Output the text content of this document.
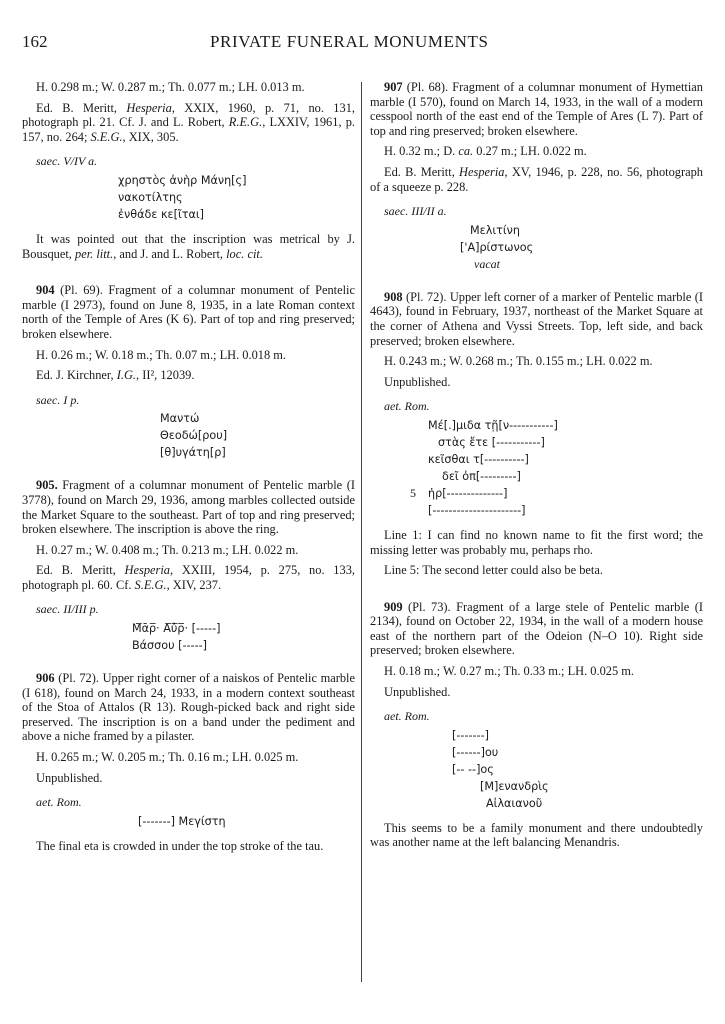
162	PRIVATE FUNERAL MONUMENTS

H. 0.298 m.; W. 0.287 m.; Th. 0.077 m.; LH. 0.013 m.

Ed. B. Meritt, Hesperia, XXIX, 1960, p. 71, no. 131, photograph pl. 21. Cf. J. and L. Robert, R.E.G., LXXIV, 1961, p. 157, no. 264; S.E.G., XIX, 305.

saec. V/IV a.
χρηστὸς ἀνὴρ Μάνη[ς]
νακοτίλτης
ἐνθάδε κε[ῖται]

It was pointed out that the inscription was metrical by J. Bousquet, per. litt., and J. and L. Robert, loc. cit.

904 (Pl. 69). Fragment of a columnar monument of Pentelic marble (I 2973), found on June 8, 1935, in a late Roman context north of the Temple of Ares (K 6). Part of top and ring preserved; broken elsewhere.

H. 0.26 m.; W. 0.18 m.; Th. 0.07 m.; LH. 0.018 m.

Ed. J. Kirchner, I.G., II², 12039.

saec. I p.
Μαντώ
Θεοδώ[ρου]
[θ]υγάτη[ρ]

905. Fragment of a columnar monument of Pentelic marble (I 3778), found on March 29, 1936, among marbles collected outside the Market Square to the southeast. Part of top and ring preserved; broken elsewhere. The inscription is above the ring.

H. 0.27 m.; W. 0.408 m.; Th. 0.213 m.; LH. 0.022 m.

Ed. B. Meritt, Hesperia, XXIII, 1954, p. 275, no. 133, photograph pl. 60. Cf. S.E.G., XIV, 237.

saec. II/III p.
Μ̅ᾱρ̅· Α̅ὐ̅ρ̅· [-----]
Βάσσου [-----]

906 (Pl. 72). Upper right corner of a naiskos of Pentelic marble (I 618), found on March 24, 1933, in a modern context southeast of the Stoa of Attalos (R 13). Rough-picked back and right side preserved. The inscription is on a band under the pediment and above a niche framed by a pilaster.

H. 0.265 m.; W. 0.205 m.; Th. 0.16 m.; LH. 0.025 m.

Unpublished.

aet. Rom.
[-------] Μεγίστη

The final eta is crowded in under the top stroke of the tau.

907 (Pl. 68). Fragment of a columnar monument of Hymettian marble (I 570), found on March 14, 1933, in the wall of a modern cesspool north of the east end of the Temple of Ares (L 7). Part of top and ring preserved; broken elsewhere.

H. 0.32 m.; D. ca. 0.27 m.; LH. 0.022 m.

Ed. B. Meritt, Hesperia, XV, 1946, p. 228, no. 56, photograph of a squeeze p. 228.

saec. III/II a.
Μελιτίνη
['Α]ρίστωνος
vacat

908 (Pl. 72). Upper left corner of a marker of Pentelic marble (I 4643), found in February, 1937, northeast of the Market Square at the corner of Athena and Vyssi Streets. Top, left side, and back preserved; broken elsewhere.

H. 0.243 m.; W. 0.268 m.; Th. 0.155 m.; LH. 0.022 m.

Unpublished.

aet. Rom.
Μέ[.]μιδα τῇ[ν-----------]
στὰς ἔτε [-----------]
κεῖσθαι τ[----------]
δεῖ ὀπ[---------]
5 ἠρ[--------------]
[----------------------]

Line 1: I can find no known name to fit the first word; the missing letter was probably mu, perhaps rho.

Line 5: The second letter could also be beta.

909 (Pl. 73). Fragment of a large stele of Pentelic marble (I 2134), found on October 22, 1934, in the wall of a modern house east of the northern part of the Odeion (N–O 10). Right side preserved; broken elsewhere.

H. 0.18 m.; W. 0.27 m.; Th. 0.33 m.; LH. 0.025 m.

Unpublished.

aet. Rom.
[-------]
[------]ου
[-- --]ος
[Μ]ενανδρὶς
Αἰλαιανοῦ

This seems to be a family monument and there undoubtedly was another name at the left balancing Menandris.
